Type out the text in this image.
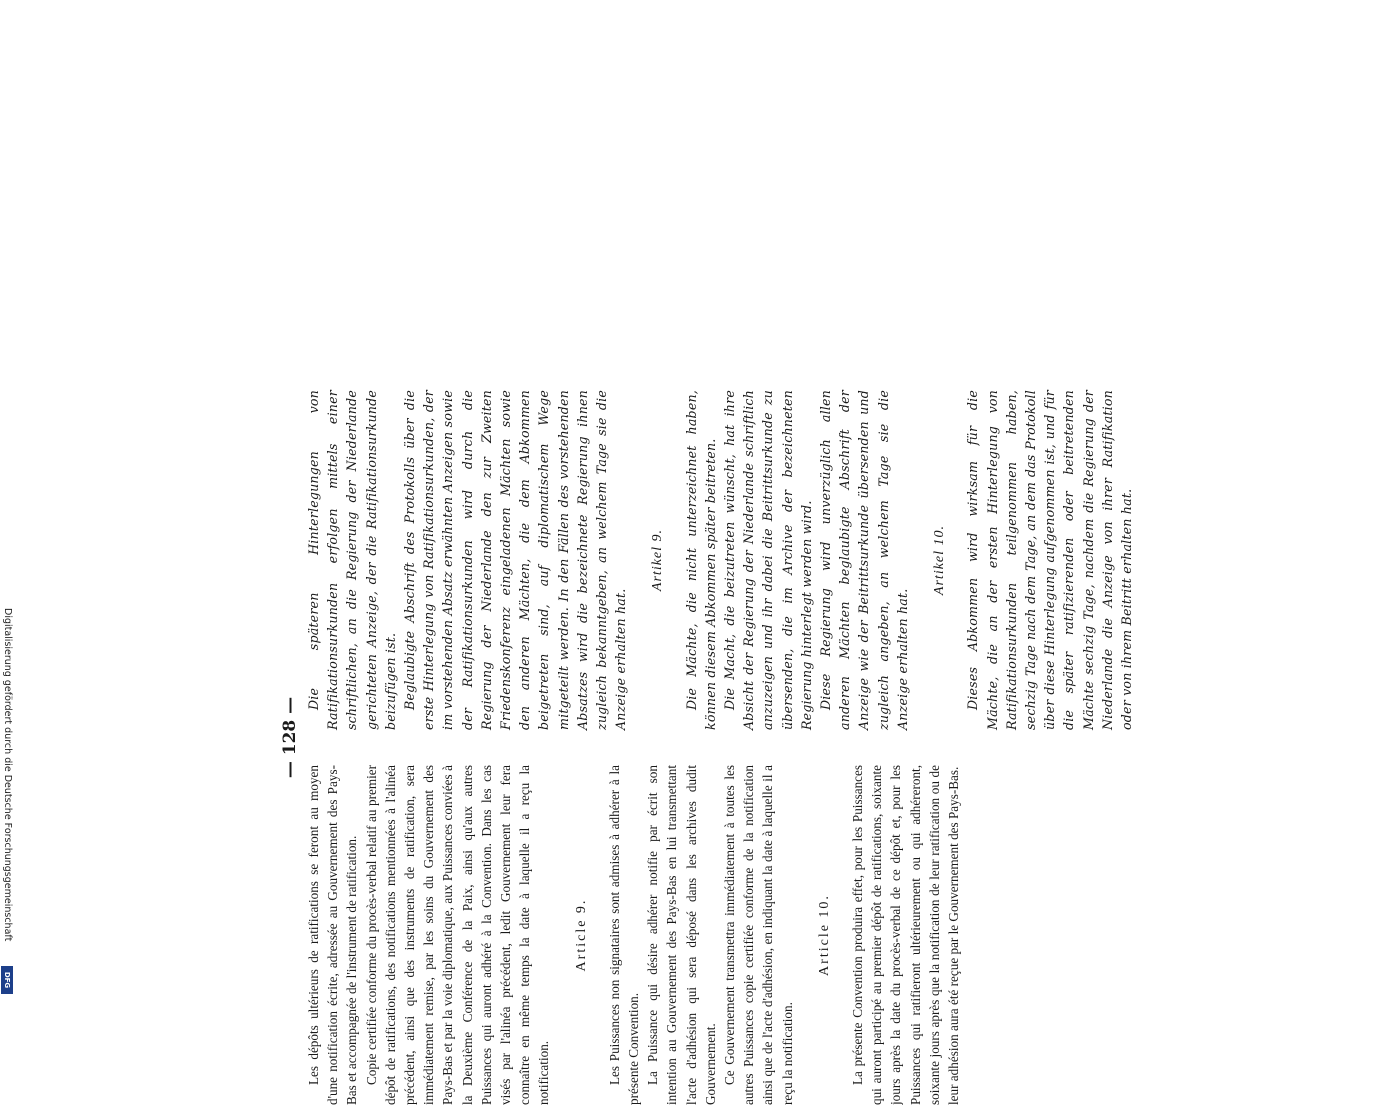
— 128 —

Les dépôts ultérieurs de ratifications se feront au moyen d'une notification écrite, adressée au Gouvernement des Pays-Bas et accompagnée de l'instrument de ratification. Copie certifiée conforme du procès-verbal relatif au premier dépôt de ratifications, des notifications mentionnées à l'alinéa précédent, ainsi que des instruments de ratification, sera immédiatement remise, par les soins du Gouvernement des Pays-Bas et par la voie diplomatique, aux Puissances conviées à la Deuxième Conférence de la Paix, ainsi qu'aux autres Puissances qui auront adhéré à la Convention. Dans les cas visés par l'alinéa précédent, ledit Gouvernement leur fera connaître en même temps la date à laquelle il a reçu la notification.

Article 9. Les Puissances non signataires sont admises à adhérer à la présente Convention. La Puissance qui désire adhérer notifie par écrit son intention au Gouvernement des Pays-Bas en lui transmettant l'acte d'adhésion qui sera déposé dans les archives dudit Gouvernement. Ce Gouvernement transmettra immédiatement à toutes les autres Puissances copie certifiée conforme de la notification ainsi que de l'acte d'adhésion, en indiquant la date à laquelle il a reçu la notification.

Article 10. La présente Convention produira effet, pour les Puissances qui auront participé au premier dépôt de ratifications, soixante jours après la date du procès-verbal de ce dépôt et, pour les Puissances qui ratifieront ultérieurement ou qui adhéreront, soixante jours après que la notification de leur ratification ou de leur adhésion aura été reçue par le Gouvernement des Pays-Bas.

Die späteren Hinterlegungen von Ratifikationsurkunden erfolgen mittels einer schriftlichen, an die Regierung der Niederlande gerichteten Anzeige, der die Ratifikationsurkunde beizufügen ist. Beglaubigte Abschrift des Protokolls über die erste Hinterlegung von Ratifikationsurkunden, der im vorstehenden Absatz erwähnten Anzeigen sowie der Ratifikationsurkunden wird durch die Regierung der Niederlande den zur Zweiten Friedenskonferenz eingeladenen Mächten sowie den anderen Mächten, die dem Abkommen beigetreten sind, auf diplomatischem Wege mitgeteilt werden. In den Fällen des vorstehenden Absatzes wird die bezeichnete Regierung ihnen zugleich bekanntgeben, an welchem Tage sie die Anzeige erhalten hat.

Artikel 9. Die Mächte, die nicht unterzeichnet haben, können diesem Abkommen später beitreten. Die Macht, die beizutreten wünscht, hat ihre Absicht der Regierung der Niederlande schriftlich anzuzeigen und ihr dabei die Beitrittsurkunde zu übersenden, die im Archive der bezeichneten Regierung hinterlegt werden wird. Diese Regierung wird unverzüglich allen anderen Mächten beglaubigte Abschrift der Anzeige wie der Beitrittsurkunde übersenden und zugleich angeben, an welchem Tage sie die Anzeige erhalten hat.

Artikel 10. Dieses Abkommen wird wirksam für die Mächte, die an der ersten Hinterlegung von Ratifikationsurkunden teilgenommen haben, sechzig Tage nach dem Tage, an dem das Protokoll über diese Hinterlegung aufgenommen ist, und für die später ratifizierenden oder beitretenden Mächte sechzig Tage, nachdem die Regierung der Niederlande die Anzeige von ihrer Ratifikation oder von ihrem Beitritt erhalten hat.

Digitalisierung gefördert durch die Deutsche Forschungsgemeinschaft
DFG
